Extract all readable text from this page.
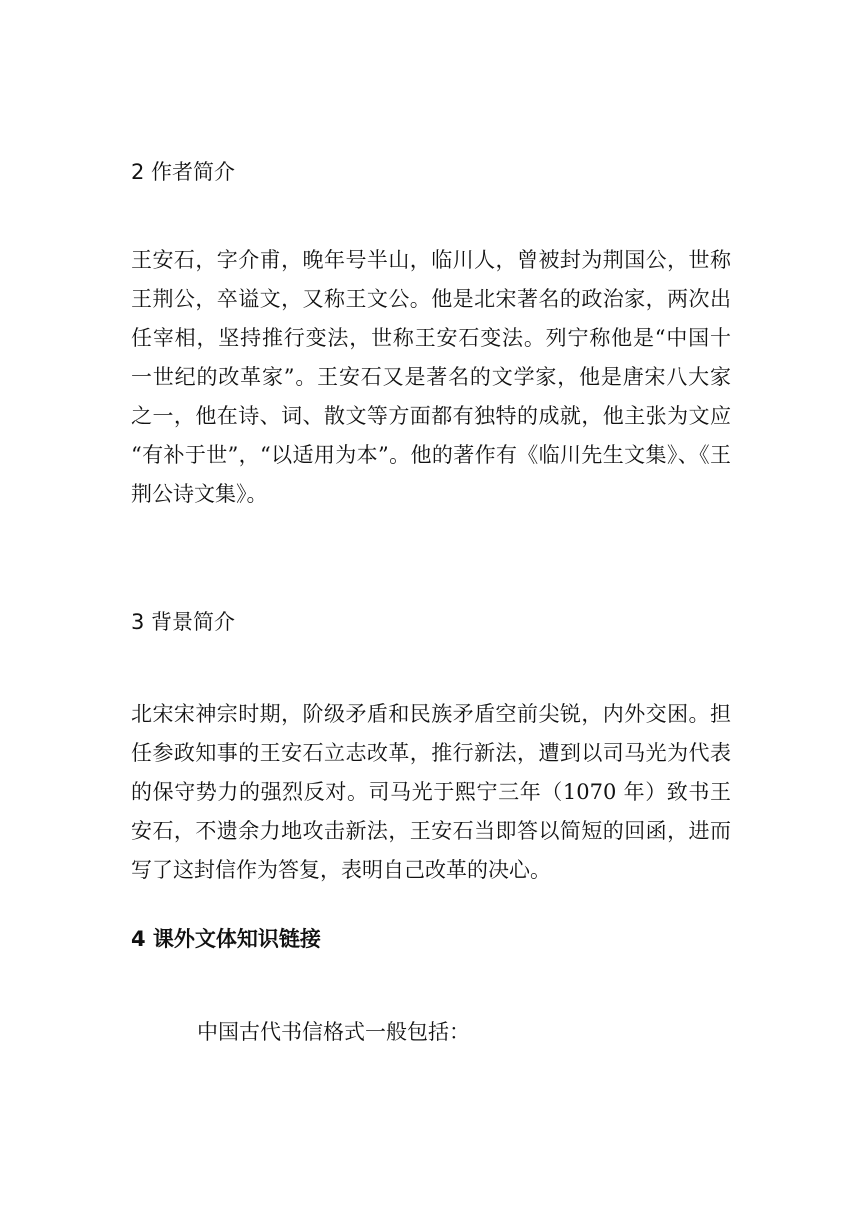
2 作者简介
王安石，字介甫，晚年号半山，临川人，曾被封为荆国公，世称
王荆公，卒谥文，又称王文公。他是北宋著名的政治家，两次出
任宰相，坚持推行变法，世称王安石变法。列宁称他是“中国十
一世纪的改革家”。王安石又是著名的文学家，他是唐宋八大家
之一，他在诗、词、散文等方面都有独特的成就，他主张为文应
“有补于世”，“以适用为本”。他的著作有《临川先生文集》、《王
荆公诗文集》。
3 背景简介
北宋宋神宗时期，阶级矛盾和民族矛盾空前尖锐，内外交困。担
任参政知事的王安石立志改革，推行新法，遭到以司马光为代表
的保守势力的强烈反对。司马光于熙宁三年（1070 年）致书王
安石，不遗余力地攻击新法，王安石当即答以简短的回函，进而
写了这封信作为答复，表明自己改革的决心。
4 课外文体知识链接

中国古代书信格式一般包括：
